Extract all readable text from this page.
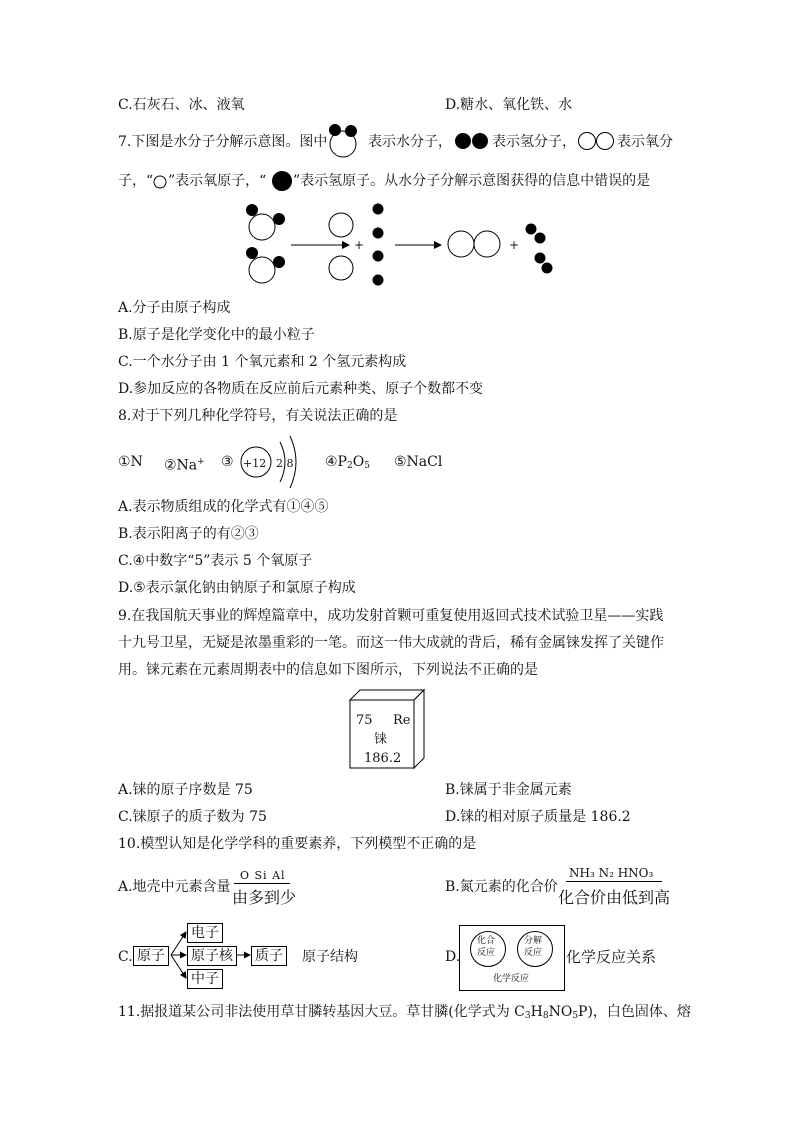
C.石灰石、冰、液氧	D.糖水、氧化铁、水
7.下图是水分子分解示意图。图中	表示水分子，	表示氢分子，	表示氧分
子，“ ”表示氧原子，“ ”表示氢原子。从水分子分解示意图获得的信息中错误的是
+	+
A.分子由原子构成
B.原子是化学变化中的最小粒子
C.一个水分子由 1 个氧元素和 2 个氢元素构成
D.参加反应的各物质在反应前后元素种类、原子个数都不变
8.对于下列几种化学符号，有关说法正确的是
①N ②Na+ ③ +12 2 8 $④P_2O_5$ ⑤NaCl
A.表示物质组成的化学式有①④⑤
B.表示阳离子的有②③
C.④中数字“5”表示 5 个氧原子
D.⑤表示氯化钠由钠原子和氯原子构成
9.在我国航天事业的辉煌篇章中，成功发射首颗可重复使用返回式技术试验卫星——实践
十九号卫星，无疑是浓墨重彩的一笔。而这一伟大成就的背后，稀有金属铼发挥了关键作
用。铼元素在元素周期表中的信息如下图所示，下列说法不正确的是
75 Re
铼
186.2
A.铼的原子序数是 75	B.铼属于非金属元素
C.铼原子的质子数为 75	D.铼的相对原子质量是 186.2
10.模型认知是化学学科的重要素养，下列模型不正确的是
A.地壳中元素含量
O Si Al
由多到少
B.氮元素的化合价
NH₃ N₂ HNO₃
化合价由低到高
C. 原子
电子
原子核
中子
质子 原子结构	D.
化合
反应
分解
反应
化学反应
化学反应关系
11.据报道某公司非法使用草甘膦转基因大豆。草甘膦(化学式为 $C_3H_8NO_5P$)，白色固体、熔
